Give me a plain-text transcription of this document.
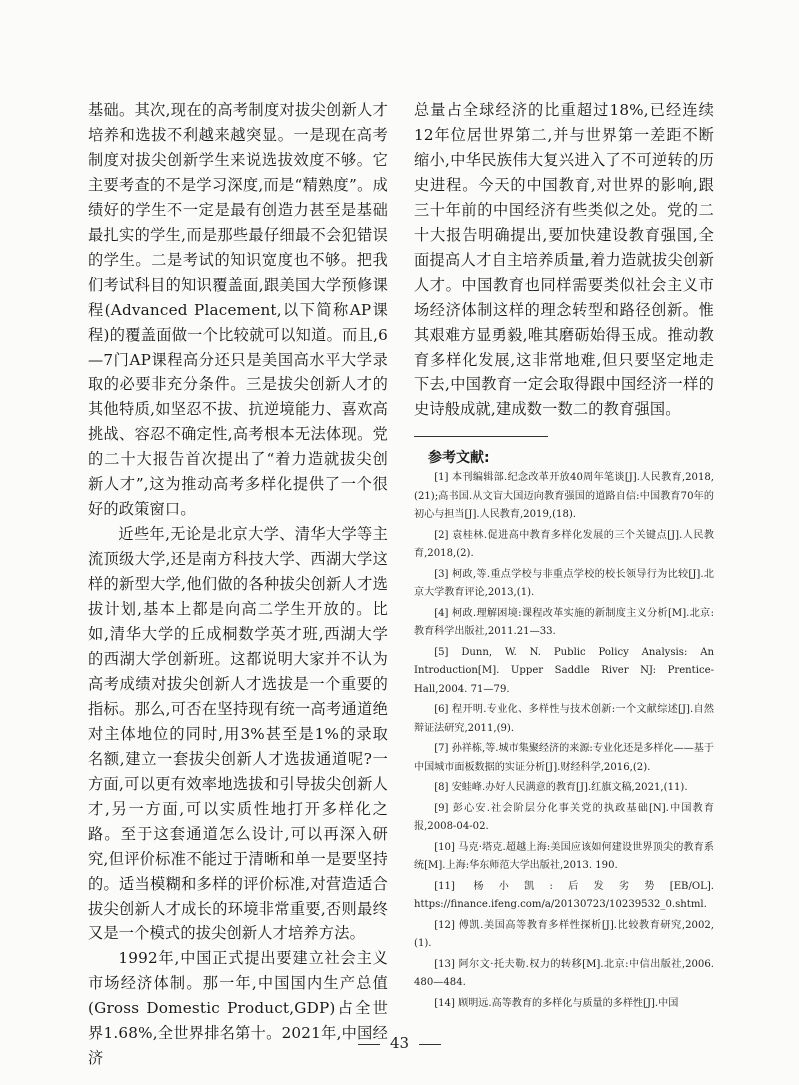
基础。其次,现在的高考制度对拔尖创新人才培养和选拔不利越来越突显。一是现在高考制度对拔尖创新学生来说选拔效度不够。它主要考查的不是学习深度,而是“精熟度”。成绩好的学生不一定是最有创造力甚至是基础最扎实的学生,而是那些最仔细最不会犯错误的学生。二是考试的知识宽度也不够。把我们考试科目的知识覆盖面,跟美国大学预修课程(Advanced Placement,以下简称AP课程)的覆盖面做一个比较就可以知道。而且,6—7门AP课程高分还只是美国高水平大学录取的必要非充分条件。三是拔尖创新人才的其他特质,如坚忍不拔、抗逆境能力、喜欢高挑战、容忍不确定性,高考根本无法体现。党的二十大报告首次提出了“着力造就拔尖创新人才”,这为推动高考多样化提供了一个很好的政策窗口。

近些年,无论是北京大学、清华大学等主流顶级大学,还是南方科技大学、西湖大学这样的新型大学,他们做的各种拔尖创新人才选拔计划,基本上都是向高二学生开放的。比如,清华大学的丘成桐数学英才班,西湖大学的西湖大学创新班。这都说明大家并不认为高考成绩对拔尖创新人才选拔是一个重要的指标。那么,可否在坚持现有统一高考通道绝对主体地位的同时,用3%甚至是1%的录取名额,建立一套拔尖创新人才选拔通道呢?一方面,可以更有效率地选拔和引导拔尖创新人才,另一方面,可以实质性地打开多样化之路。至于这套通道怎么设计,可以再深入研究,但评价标准不能过于清晰和单一是要坚持的。适当模糊和多样的评价标准,对营造适合拔尖创新人才成长的环境非常重要,否则最终又是一个模式的拔尖创新人才培养方法。

1992年,中国正式提出要建立社会主义市场经济体制。那一年,中国国内生产总值(Gross Domestic Product,GDP)占全世界1.68%,全世界排名第十。2021年,中国经济

总量占全球经济的比重超过18%,已经连续12年位居世界第二,并与世界第一差距不断缩小,中华民族伟大复兴进入了不可逆转的历史进程。今天的中国教育,对世界的影响,跟三十年前的中国经济有些类似之处。党的二十大报告明确提出,要加快建设教育强国,全面提高人才自主培养质量,着力造就拔尖创新人才。中国教育也同样需要类似社会主义市场经济体制这样的理念转型和路径创新。惟其艰难方显勇毅,唯其磨砺始得玉成。推动教育多样化发展,这非常地难,但只要坚定地走下去,中国教育一定会取得跟中国经济一样的史诗般成就,建成数一数二的教育强国。

参考文献:

[1] 本刊编辑部.纪念改革开放40周年笔谈[J].人民教育,2018,(21);高书国.从文盲大国迈向教育强国的道路自信:中国教育70年的初心与担当[J].人民教育,2019,(18).

[2] 袁桂林.促进高中教育多样化发展的三个关键点[J].人民教育,2018,(2).

[3] 柯政,等.重点学校与非重点学校的校长领导行为比较[J].北京大学教育评论,2013,(1).

[4] 柯政.理解困境:课程改革实施的新制度主义分析[M].北京:教育科学出版社,2011.21—33.

[5] Dunn, W. N. Public Policy Analysis: An Introduction[M]. Upper Saddle River NJ: Prentice-Hall,2004. 71—79.

[6] 程开明.专业化、多样性与技术创新:一个文献综述[J].自然辩证法研究,2011,(9).

[7] 孙祥栋,等.城市集聚经济的来源:专业化还是多样化——基于中国城市面板数据的实证分析[J].财经科学,2016,(2).

[8] 安蛙峰.办好人民满意的教育[J].红旗文稿,2021,(11).

[9] 彭心安.社会阶层分化事关党的执政基础[N].中国教育报,2008-04-02.

[10] 马克·塔克.超越上海:美国应该如何建设世界顶尖的教育系统[M].上海:华东师范大学出版社,2013. 190.

[11] 杨小凯:后发劣势[EB/OL]. https://finance.ifeng.com/a/20130723/10239532_0.shtml.

[12] 傅凯.美国高等教育多样性探析[J].比较教育研究,2002,(1).

[13] 阿尔文·托夫勒.权力的转移[M].北京:中信出版社,2006. 480—484.

[14] 顾明远.高等教育的多样化与质量的多样性[J].中国

43
